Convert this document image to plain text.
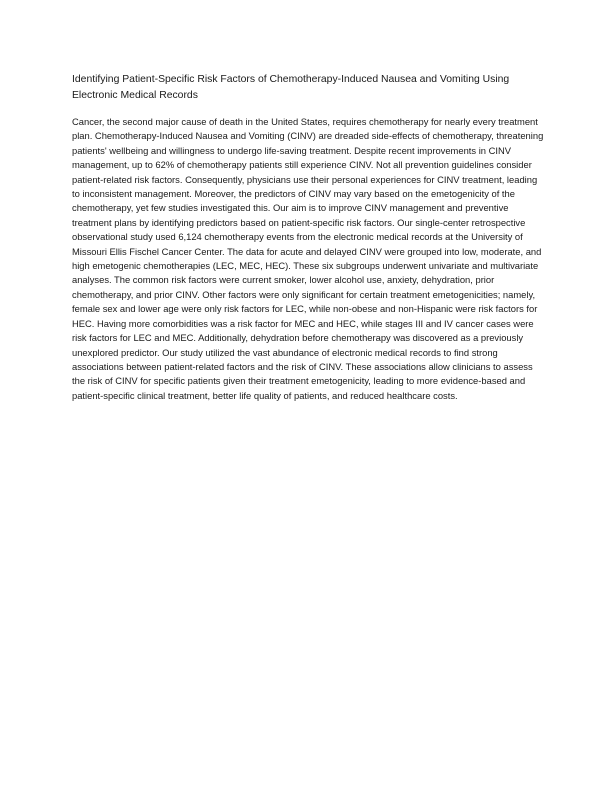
Identifying Patient-Specific Risk Factors of Chemotherapy-Induced Nausea and Vomiting Using Electronic Medical Records

Cancer, the second major cause of death in the United States, requires chemotherapy for nearly every treatment plan. Chemotherapy-Induced Nausea and Vomiting (CINV) are dreaded side-effects of chemotherapy, threatening patients' wellbeing and willingness to undergo life-saving treatment. Despite recent improvements in CINV management, up to 62% of chemotherapy patients still experience CINV. Not all prevention guidelines consider patient-related risk factors. Consequently, physicians use their personal experiences for CINV treatment, leading to inconsistent management. Moreover, the predictors of CINV may vary based on the emetogenicity of the chemotherapy, yet few studies investigated this. Our aim is to improve CINV management and preventive treatment plans by identifying predictors based on patient-specific risk factors. Our single-center retrospective observational study used 6,124 chemotherapy events from the electronic medical records at the University of Missouri Ellis Fischel Cancer Center. The data for acute and delayed CINV were grouped into low, moderate, and high emetogenic chemotherapies (LEC, MEC, HEC). These six subgroups underwent univariate and multivariate analyses. The common risk factors were current smoker, lower alcohol use, anxiety, dehydration, prior chemotherapy, and prior CINV. Other factors were only significant for certain treatment emetogenicities; namely, female sex and lower age were only risk factors for LEC, while non-obese and non-Hispanic were risk factors for HEC. Having more comorbidities was a risk factor for MEC and HEC, while stages III and IV cancer cases were risk factors for LEC and MEC. Additionally, dehydration before chemotherapy was discovered as a previously unexplored predictor. Our study utilized the vast abundance of electronic medical records to find strong associations between patient-related factors and the risk of CINV. These associations allow clinicians to assess the risk of CINV for specific patients given their treatment emetogenicity, leading to more evidence-based and patient-specific clinical treatment, better life quality of patients, and reduced healthcare costs.
